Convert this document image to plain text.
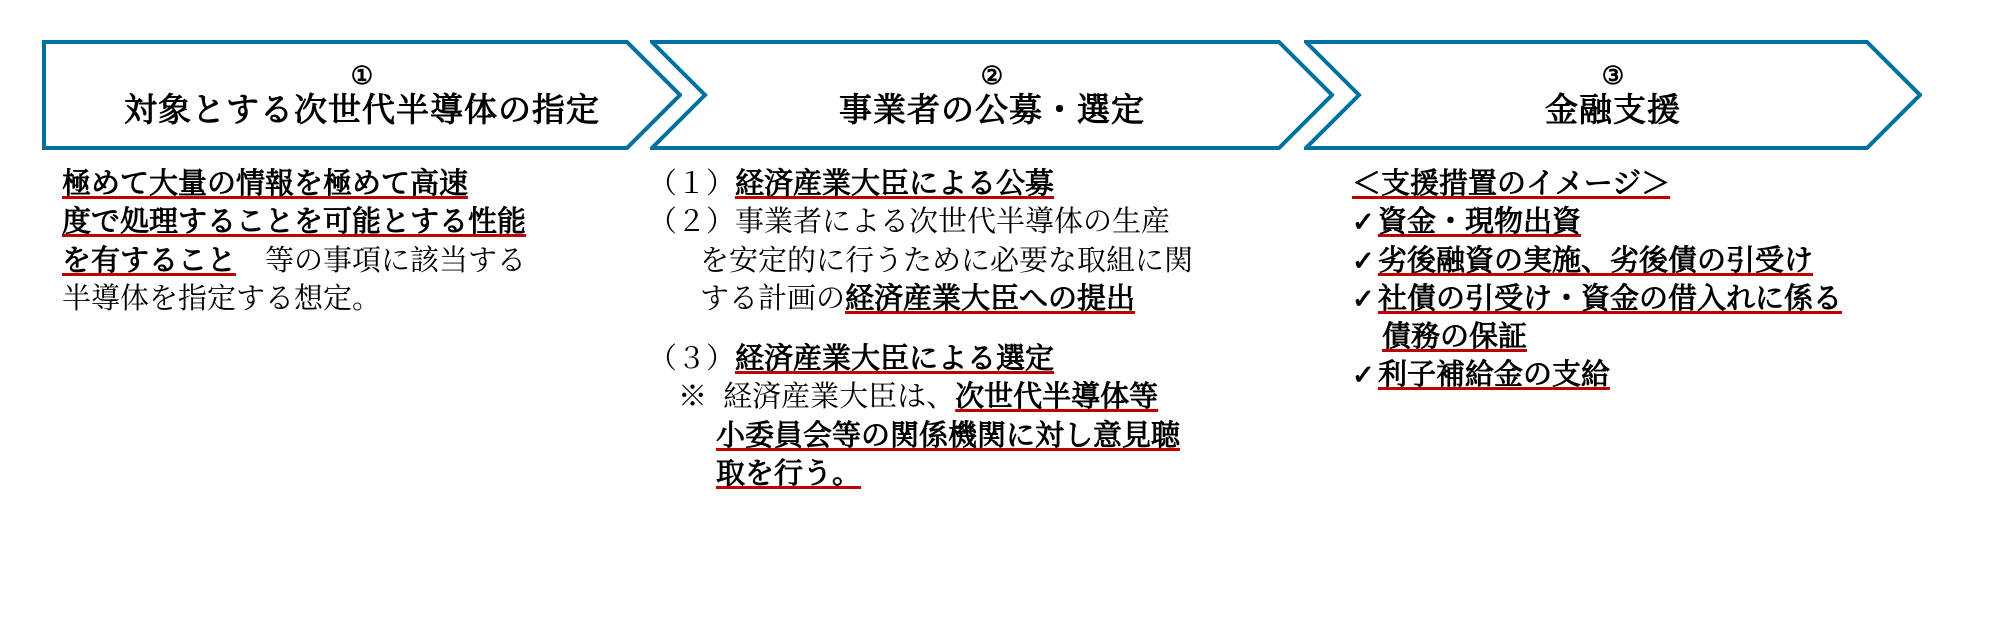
①
対象とする次世代半導体の指定
②
事業者の公募・選定
③
金融支援
極めて大量の情報を極めて高速
度で処理することを可能とする性能
を有すること　等の事項に該当する
半導体を指定する想定。
（１）経済産業大臣による公募
（２）事業者による次世代半導体の生産
を安定的に行うために必要な取組に関
する計画の経済産業大臣への提出
（３）経済産業大臣による選定
※ 経済産業大臣は、次世代半導体等
小委員会等の関係機関に対し意見聴
取を行う。
＜支援措置のイメージ＞
✓ 資金・現物出資
✓ 劣後融資の実施、劣後債の引受け
✓ 社債の引受け・資金の借入れに係る
債務の保証
✓ 利子補給金の支給
